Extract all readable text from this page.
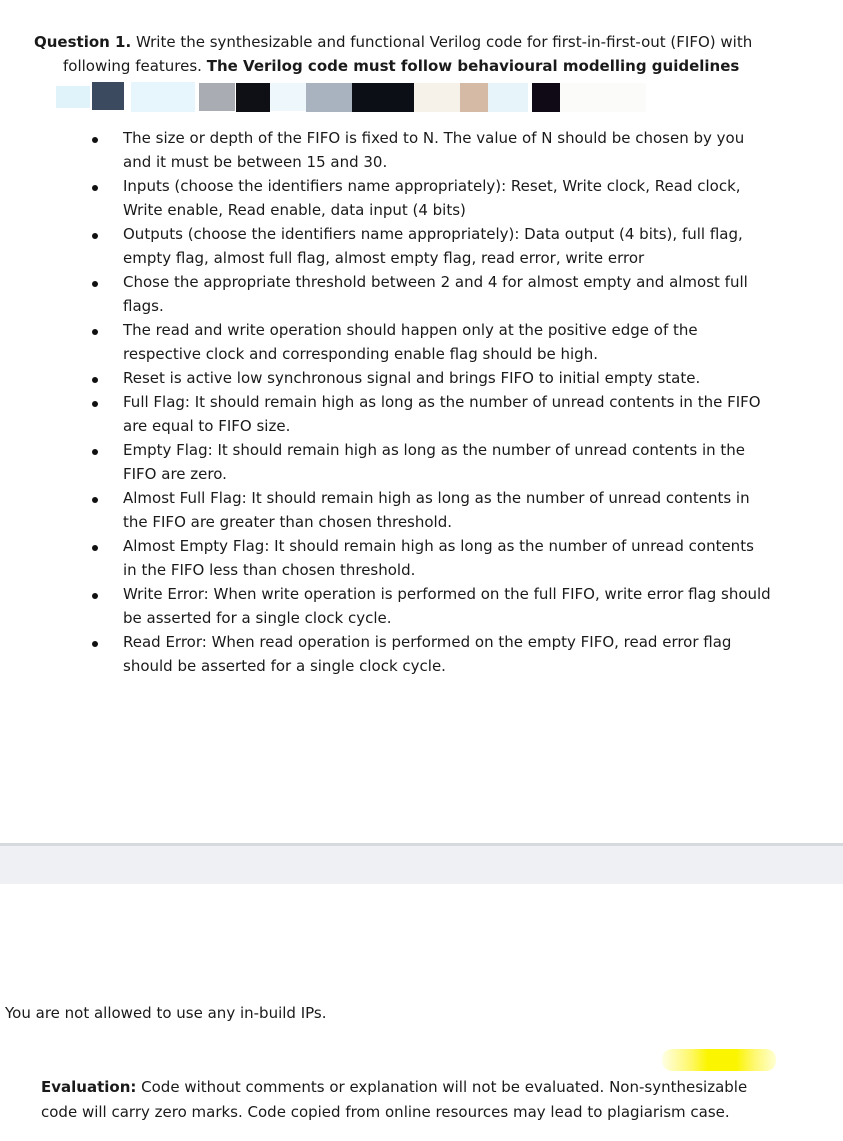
Question 1. Write the synthesizable and functional Verilog code for first-in-first-out (FIFO) with
following features. The Verilog code must follow behavioural modelling guidelines
The size or depth of the FIFO is fixed to N. The value of N should be chosen by you and it must be between 15 and 30.
Inputs (choose the identifiers name appropriately): Reset, Write clock, Read clock, Write enable, Read enable, data input (4 bits)
Outputs (choose the identifiers name appropriately): Data output (4 bits), full flag, empty flag, almost full flag, almost empty flag, read error, write error
Chose the appropriate threshold between 2 and 4 for almost empty and almost full flags.
The read and write operation should happen only at the positive edge of the respective clock and corresponding enable flag should be high.
Reset is active low synchronous signal and brings FIFO to initial empty state.
Full Flag: It should remain high as long as the number of unread contents in the FIFO are equal to FIFO size.
Empty Flag: It should remain high as long as the number of unread contents in the FIFO are zero.
Almost Full Flag: It should remain high as long as the number of unread contents in the FIFO are greater than chosen threshold.
Almost Empty Flag: It should remain high as long as the number of unread contents in the FIFO less than chosen threshold.
Write Error: When write operation is performed on the full FIFO, write error flag should be asserted for a single clock cycle.
Read Error: When read operation is performed on the empty FIFO, read error flag should be asserted for a single clock cycle.
You are not allowed to use any in-build IPs.
Evaluation: Code without comments or explanation will not be evaluated. Non-synthesizable code will carry zero marks. Code copied from online resources may lead to plagiarism case.
